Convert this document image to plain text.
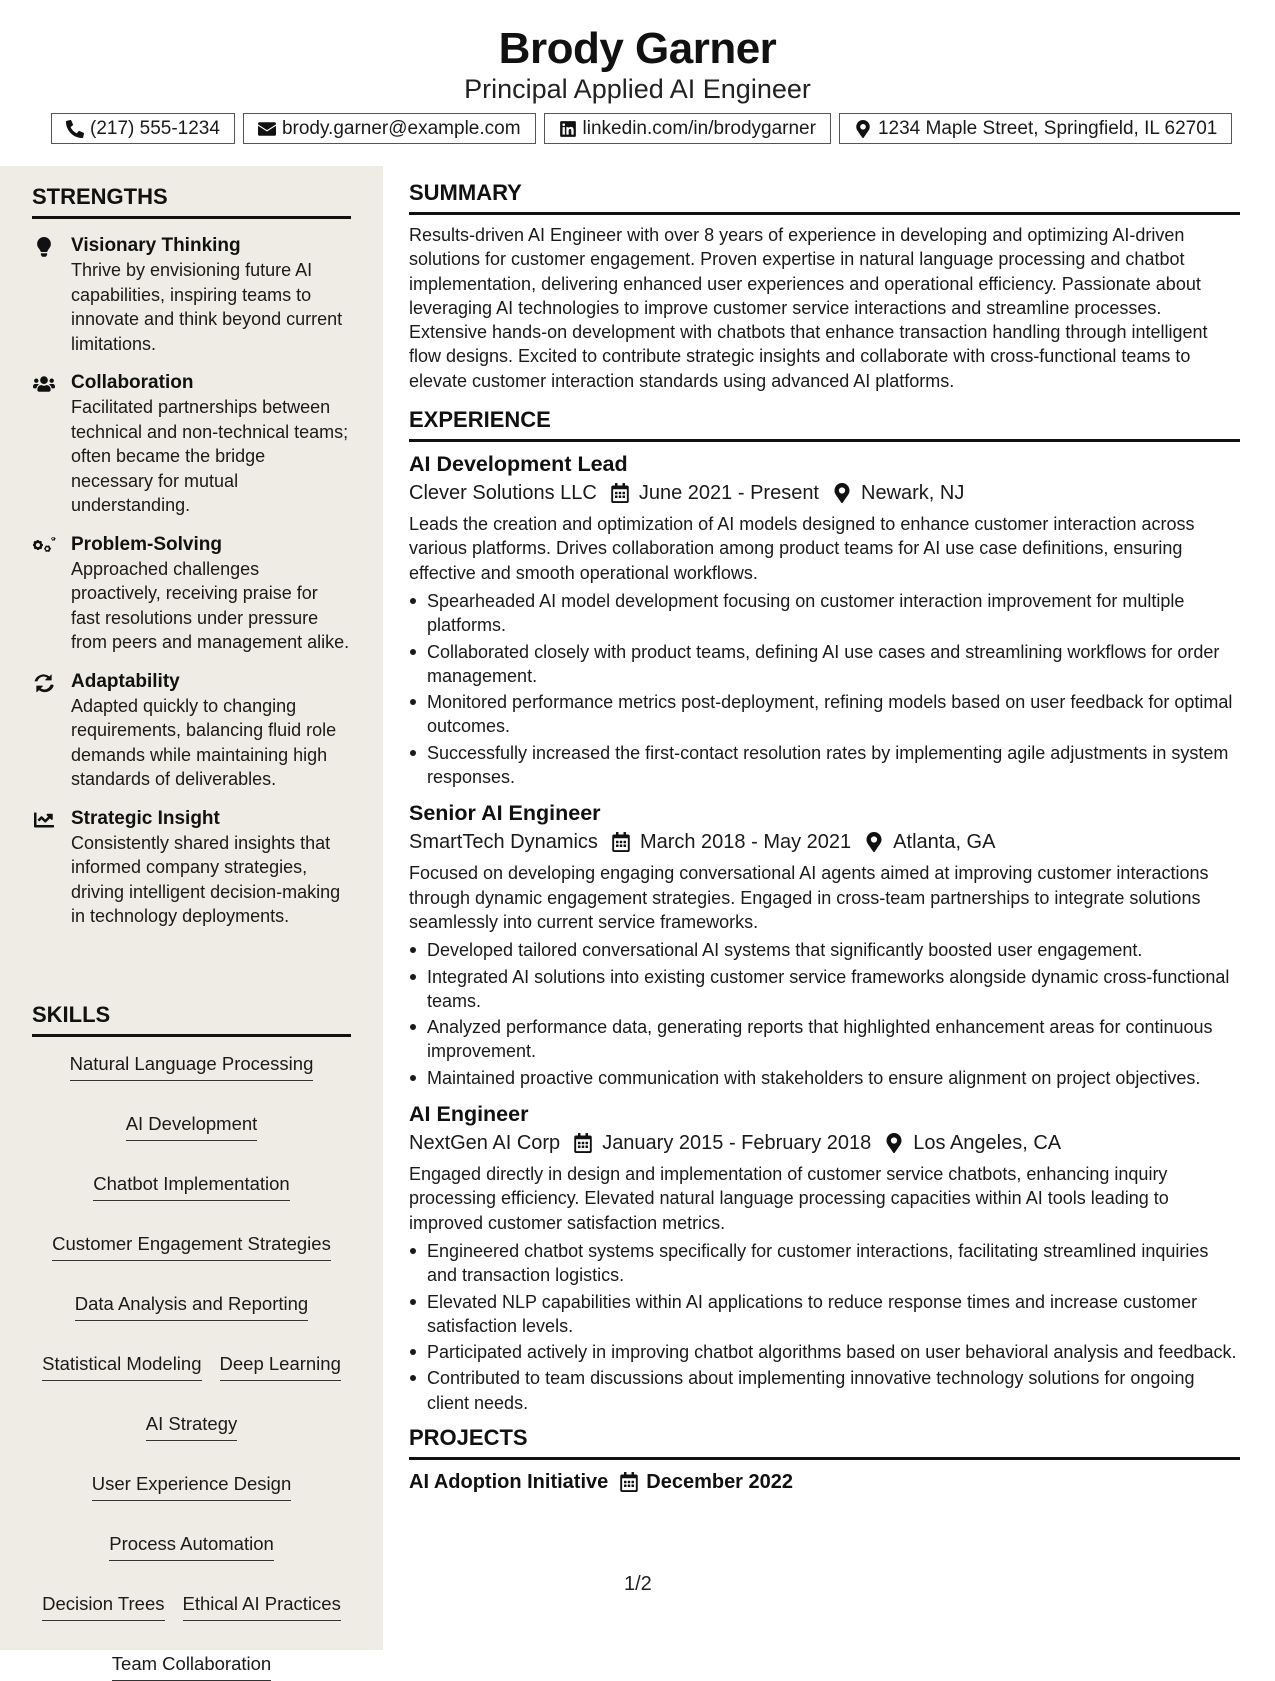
Brody Garner
Principal Applied AI Engineer
(217) 555-1234	brody.garner@example.com	linkedin.com/in/brodygarner	1234 Maple Street, Springfield, IL 62701
STRENGTHS
Visionary Thinking

Thrive by envisioning future AI capabilities, inspiring teams to innovate and think beyond current limitations.

Collaboration

Facilitated partnerships between technical and non-technical teams; often became the bridge necessary for mutual understanding.

Problem-Solving

Approached challenges proactively, receiving praise for fast resolutions under pressure from peers and management alike.

Adaptability

Adapted quickly to changing requirements, balancing fluid role demands while maintaining high standards of deliverables.

Strategic Insight

Consistently shared insights that informed company strategies, driving intelligent decision-making in technology deployments.

SKILLS
Natural Language Processing
AI Development
Chatbot Implementation
Customer Engagement Strategies
Data Analysis and Reporting
Statistical Modeling Deep Learning
AI Strategy
User Experience Design
Process Automation
Decision Trees Ethical AI Practices
Team Collaboration
SUMMARY

Results-driven AI Engineer with over 8 years of experience in developing and optimizing AI-driven solutions for customer engagement. Proven expertise in natural language processing and chatbot implementation, delivering enhanced user experiences and operational efficiency. Passionate about leveraging AI technologies to improve customer service interactions and streamline processes. Extensive hands-on development with chatbots that enhance transaction handling through intelligent flow designs. Excited to contribute strategic insights and collaborate with cross-functional teams to elevate customer interaction standards using advanced AI platforms.

EXPERIENCE
AI Development Lead
Clever Solutions LLC June 2021 - Present Newark, NJ

Leads the creation and optimization of AI models designed to enhance customer interaction across various platforms. Drives collaboration among product teams for AI use case definitions, ensuring effective and smooth operational workflows.

Spearheaded AI model development focusing on customer interaction improvement for multiple platforms.
Collaborated closely with product teams, defining AI use cases and streamlining workflows for order management.
Monitored performance metrics post-deployment, refining models based on user feedback for optimal outcomes.
Successfully increased the first-contact resolution rates by implementing agile adjustments in system responses.
Senior AI Engineer
SmartTech Dynamics March 2018 - May 2021 Atlanta, GA

Focused on developing engaging conversational AI agents aimed at improving customer interactions through dynamic engagement strategies. Engaged in cross-team partnerships to integrate solutions seamlessly into current service frameworks.

Developed tailored conversational AI systems that significantly boosted user engagement.
Integrated AI solutions into existing customer service frameworks alongside dynamic cross-functional teams.
Analyzed performance data, generating reports that highlighted enhancement areas for continuous improvement.
Maintained proactive communication with stakeholders to ensure alignment on project objectives.
AI Engineer
NextGen AI Corp January 2015 - February 2018 Los Angeles, CA

Engaged directly in design and implementation of customer service chatbots, enhancing inquiry processing efficiency. Elevated natural language processing capacities within AI tools leading to improved customer satisfaction metrics.

Engineered chatbot systems specifically for customer interactions, facilitating streamlined inquiries and transaction logistics.
Elevated NLP capabilities within AI applications to reduce response times and increase customer satisfaction levels.
Participated actively in improving chatbot algorithms based on user behavioral analysis and feedback.
Contributed to team discussions about implementing innovative technology solutions for ongoing client needs.
PROJECTS
AI Adoption Initiative December 2022
1/2
